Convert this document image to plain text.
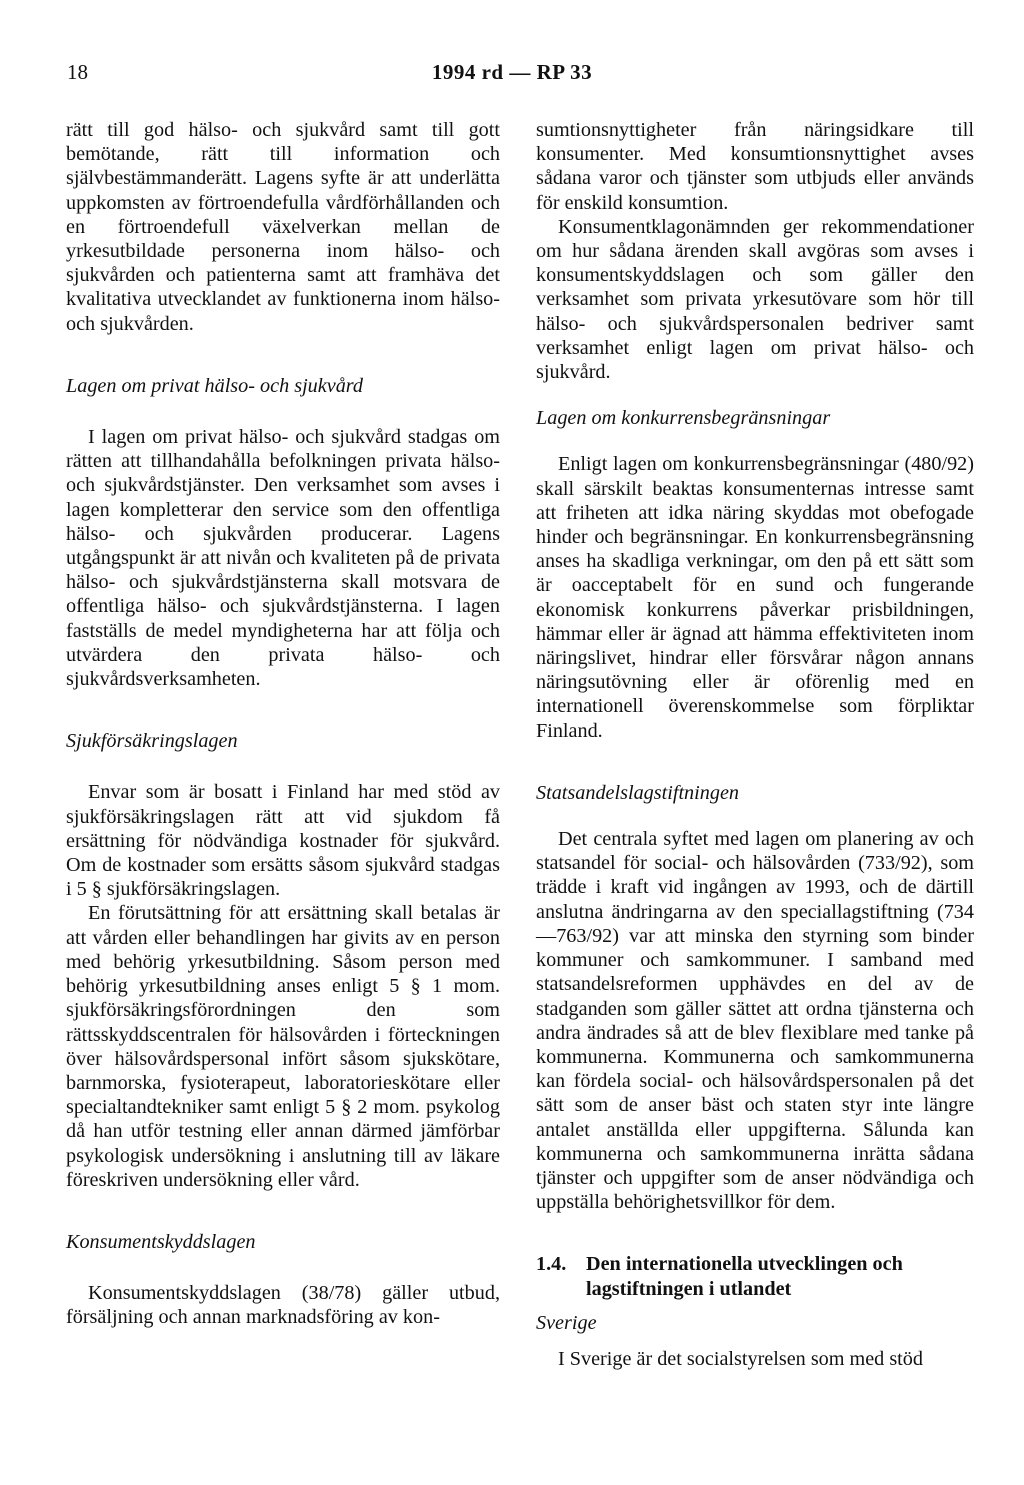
18	1994 rd — RP 33

rätt till god hälso- och sjukvård samt till gott bemötande, rätt till information och självbestämmanderätt. Lagens syfte är att underlätta uppkomsten av förtroendefulla vårdförhållanden och en förtroendefull växelverkan mellan de yrkesutbildade personerna inom hälso- och sjukvården och patienterna samt att framhäva det kvalitativa utvecklandet av funktionerna inom hälso- och sjukvården.

Lagen om privat hälso- och sjukvård

I lagen om privat hälso- och sjukvård stadgas om rätten att tillhandahålla befolkningen privata hälso- och sjukvårdstjänster. Den verksamhet som avses i lagen kompletterar den service som den offentliga hälso- och sjukvården producerar. Lagens utgångspunkt är att nivån och kvaliteten på de privata hälso- och sjukvårdstjänsterna skall motsvara de offentliga hälso- och sjukvårdstjänsterna. I lagen fastställs de medel myndigheterna har att följa och utvärdera den privata hälso- och sjukvårdsverksamheten.

Sjukförsäkringslagen

Envar som är bosatt i Finland har med stöd av sjukförsäkringslagen rätt att vid sjukdom få ersättning för nödvändiga kostnader för sjukvård. Om de kostnader som ersätts såsom sjukvård stadgas i 5 § sjukförsäkringslagen.

En förutsättning för att ersättning skall betalas är att vården eller behandlingen har givits av en person med behörig yrkesutbildning. Såsom person med behörig yrkesutbildning anses enligt 5 § 1 mom. sjukförsäkringsförordningen den som rättsskyddscentralen för hälsovården i förteckningen över hälsovårdspersonal infört såsom sjukskötare, barnmorska, fysioterapeut, laboratorieskötare eller specialtandtekniker samt enligt 5 § 2 mom. psykolog då han utför testning eller annan därmed jämförbar psykologisk undersökning i anslutning till av läkare föreskriven undersökning eller vård.

Konsumentskyddslagen

Konsumentskyddslagen (38/78) gäller utbud, försäljning och annan marknadsföring av kon-

sumtionsnyttigheter från näringsidkare till konsumenter. Med konsumtionsnyttighet avses sådana varor och tjänster som utbjuds eller används för enskild konsumtion.

Konsumentklagonämnden ger rekommendationer om hur sådana ärenden skall avgöras som avses i konsumentskyddslagen och som gäller den verksamhet som privata yrkesutövare som hör till hälso- och sjukvårdspersonalen bedriver samt verksamhet enligt lagen om privat hälso- och sjukvård.

Lagen om konkurrensbegränsningar

Enligt lagen om konkurrensbegränsningar (480/92) skall särskilt beaktas konsumenternas intresse samt att friheten att idka näring skyddas mot obefogade hinder och begränsningar. En konkurrensbegränsning anses ha skadliga verkningar, om den på ett sätt som är oacceptabelt för en sund och fungerande ekonomisk konkurrens påverkar prisbildningen, hämmar eller är ägnad att hämma effektiviteten inom näringslivet, hindrar eller försvårar någon annans näringsutövning eller är oförenlig med en internationell överenskommelse som förpliktar Finland.

Statsandelslagstiftningen

Det centrala syftet med lagen om planering av och statsandel för social- och hälsovården (733/92), som trädde i kraft vid ingången av 1993, och de därtill anslutna ändringarna av den speciallagstiftning (734—763/92) var att minska den styrning som binder kommuner och samkommuner. I samband med statsandelsreformen upphävdes en del av de stadganden som gäller sättet att ordna tjänsterna och andra ändrades så att de blev flexiblare med tanke på kommunerna. Kommunerna och samkommunerna kan fördela social- och hälsovårdspersonalen på det sätt som de anser bäst och staten styr inte längre antalet anställda eller uppgifterna. Sålunda kan kommunerna och samkommunerna inrätta sådana tjänster och uppgifter som de anser nödvändiga och uppställa behörighetsvillkor för dem.

1.4. Den internationella utvecklingen och lagstiftningen i utlandet

Sverige

I Sverige är det socialstyrelsen som med stöd
